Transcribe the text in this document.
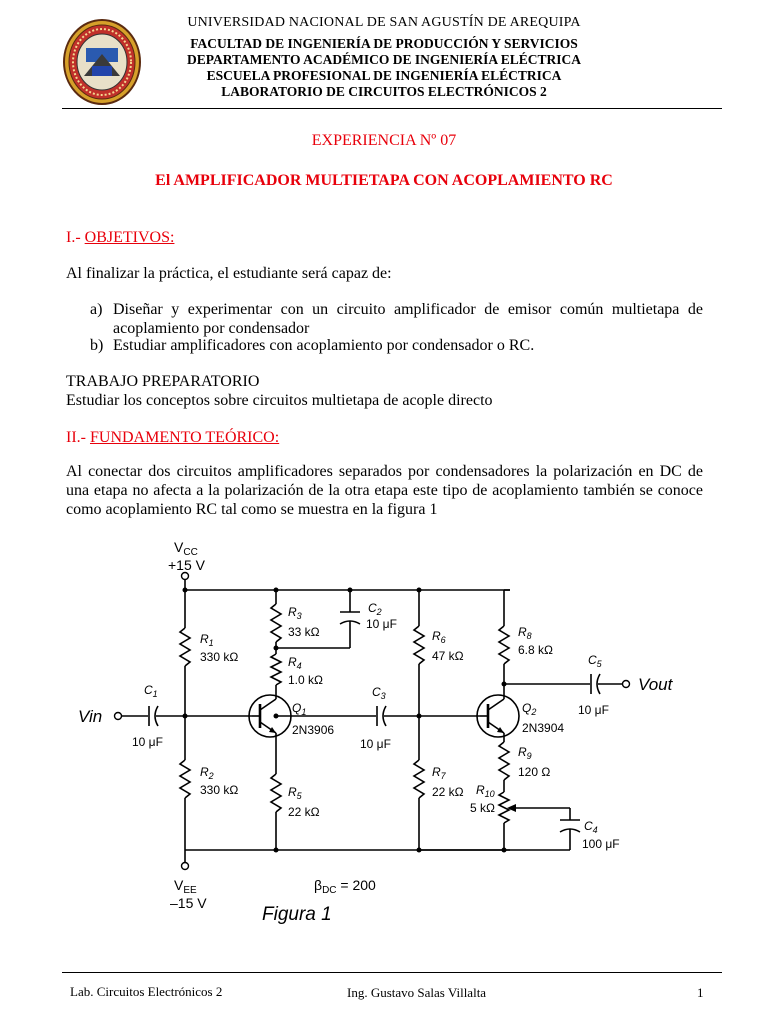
UNIVERSIDAD NACIONAL DE SAN AGUSTÍN DE AREQUIPA
FACULTAD DE INGENIERÍA DE PRODUCCIÓN Y SERVICIOS
DEPARTAMENTO ACADÉMICO DE INGENIERÍA ELÉCTRICA
ESCUELA PROFESIONAL DE INGENIERÍA ELÉCTRICA
LABORATORIO DE CIRCUITOS ELECTRÓNICOS 2
EXPERIENCIA Nº 07
El AMPLIFICADOR MULTIETAPA CON ACOPLAMIENTO RC
I.- OBJETIVOS:
Al finalizar la práctica, el estudiante será capaz de:
a) Diseñar y experimentar con un circuito amplificador de emisor común multietapa de acoplamiento por condensador
b) Estudiar amplificadores con acoplamiento por condensador o RC.
TRABAJO PREPARATORIO
Estudiar los conceptos sobre circuitos multietapa de acople directo
II.- FUNDAMENTO TEÓRICO:
Al conectar dos circuitos amplificadores separados por condensadores la polarización en DC de una etapa no afecta a la polarización de la otra etapa este tipo de acoplamiento también se conoce como acoplamiento RC tal como se muestra en la figura 1
$V_{CC}$
+15 V
$V_{EE}$
–15 V
Vin
Vout
$R_1$
330 kΩ
$R_2$
330 kΩ
$C_1$
10 μF
$R_3$
33 kΩ
$R_4$
1.0 kΩ
$C_2$
10 μF
$Q_1$
2N3906
$R_5$
22 kΩ
$C_3$
10 μF
$R_6$
47 kΩ
$R_7$
22 kΩ
$R_8$
6.8 kΩ
$C_5$
10 μF
$Q_2$
2N3904
$R_9$
120 Ω
$R_{10}$
5 kΩ
$C_4$
100 μF
$\beta_{DC} = 200$
Figura 1
Lab. Circuitos Electrónicos 2	Ing. Gustavo Salas Villalta	1
